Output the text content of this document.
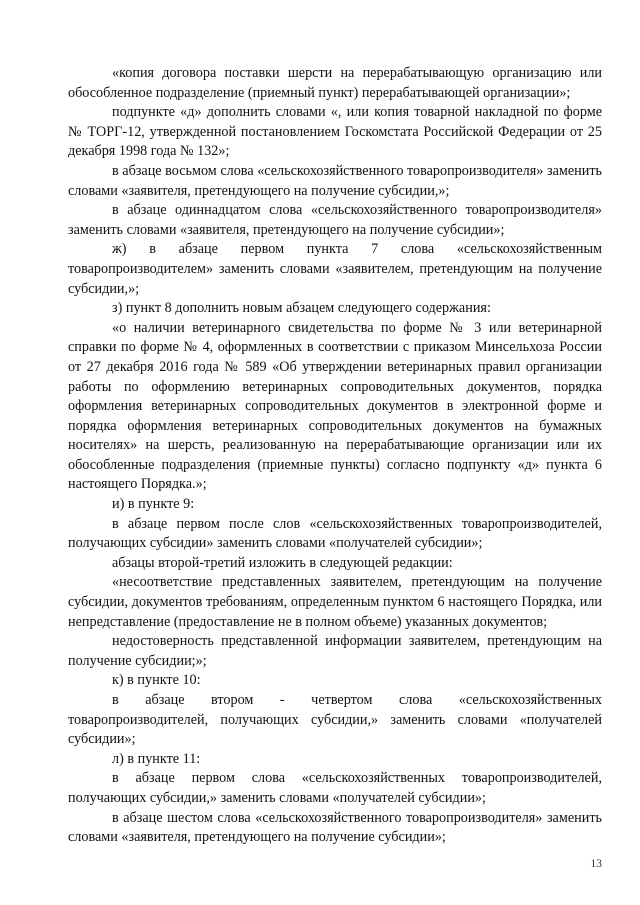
«копия договора поставки шерсти на перерабатывающую организацию или обособленное подразделение (приемный пункт) перерабатывающей организации»;

подпункте «д» дополнить словами «, или копия товарной накладной по форме № ТОРГ-12, утвержденной постановлением Госкомстата Российской Федерации от 25 декабря 1998 года № 132»;

в абзаце восьмом слова «сельскохозяйственного товаропроизводителя» заменить словами «заявителя, претендующего на получение субсидии,»;

в абзаце одиннадцатом слова «сельскохозяйственного товаропроизводителя» заменить словами «заявителя, претендующего на получение субсидии»;

ж) в абзаце первом пункта 7 слова «сельскохозяйственным товаропроизводителем» заменить словами «заявителем, претендующим на получение субсидии,»;

з) пункт 8 дополнить новым абзацем следующего содержания:

«о наличии ветеринарного свидетельства по форме № 3 или ветеринарной справки по форме № 4, оформленных в соответствии с приказом Минсельхоза России от 27 декабря 2016 года № 589 «Об утверждении ветеринарных правил организации работы по оформлению ветеринарных сопроводительных документов, порядка оформления ветеринарных сопроводительных документов в электронной форме и порядка оформления ветеринарных сопроводительных документов на бумажных носителях» на шерсть, реализованную на перерабатывающие организации или их обособленные подразделения (приемные пункты) согласно подпункту «д» пункта 6 настоящего Порядка.»;

и) в пункте 9:

в абзаце первом после слов «сельскохозяйственных товаропроизводителей, получающих субсидии» заменить словами «получателей субсидии»;

абзацы второй-третий изложить в следующей редакции:

«несоответствие представленных заявителем, претендующим на получение субсидии, документов требованиям, определенным пунктом 6 настоящего Порядка, или непредставление (предоставление не в полном объеме) указанных документов;

недостоверность представленной информации заявителем, претендующим на получение субсидии;»;

к) в пункте 10:

в абзаце втором - четвертом слова «сельскохозяйственных товаропроизводителей, получающих субсидии,» заменить словами «получателей субсидии»;

л) в пункте 11:

в абзаце первом слова «сельскохозяйственных товаропроизводителей, получающих субсидии,» заменить словами «получателей субсидии»;

в абзаце шестом слова «сельскохозяйственного товаропроизводителя» заменить словами «заявителя, претендующего на получение субсидии»;

13
